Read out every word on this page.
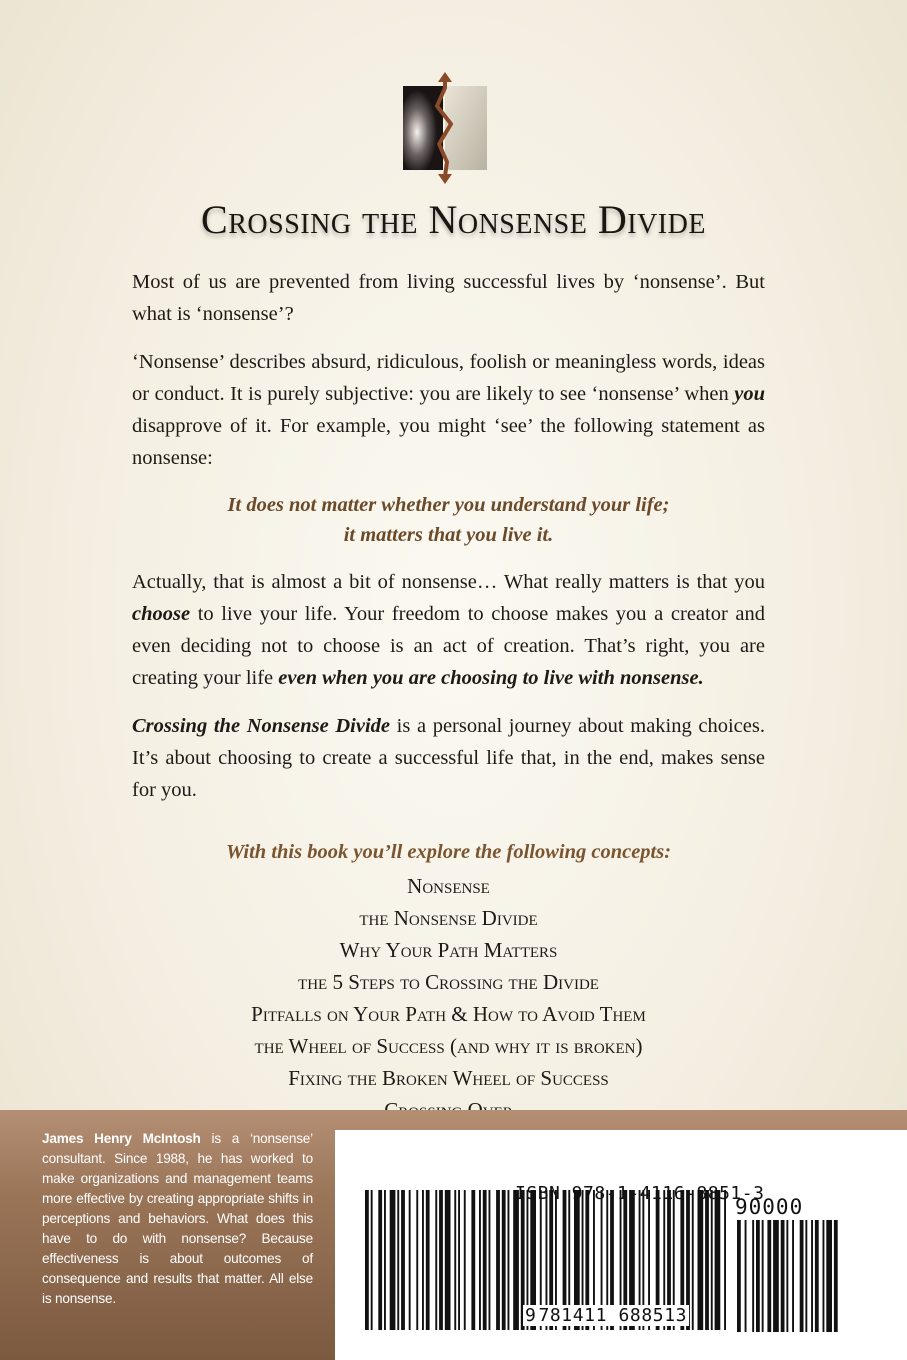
Crossing the Nonsense Divide

Most of us are prevented from living successful lives by ‘nonsense’. But what is ‘nonsense’?

‘Nonsense’ describes absurd, ridiculous, foolish or meaningless words, ideas or conduct. It is purely subjective: you are likely to see ‘nonsense’ when you disapprove of it. For example, you might ‘see’ the following statement as nonsense:

It does not matter whether you understand your life;
it matters that you live it.

Actually, that is almost a bit of nonsense… What really matters is that you choose to live your life. Your freedom to choose makes you a creator and even deciding not to choose is an act of creation. That’s right, you are creating your life even when you are choosing to live with nonsense.

Crossing the Nonsense Divide is a personal journey about making choices. It’s about choosing to create a successful life that, in the end, makes sense for you.

With this book you’ll explore the following concepts:

Nonsense
the Nonsense Divide
Why Your Path Matters
the 5 Steps to Crossing the Divide
Pitfalls on Your Path & How to Avoid Them
the Wheel of Success (and why it is broken)
Fixing the Broken Wheel of Success
James Henry McIntosh is a ‘nonsense’ consultant. Since 1988, he has worked to make organizations and management teams more effective by creating appropriate shifts in perceptions and behaviors. What does this have to do with nonsense? Because effectiveness is about outcomes of consequence and results that matter. All else is nonsense.
ISBN 978-1-4116-8851-3
90000
9 781411 688513
